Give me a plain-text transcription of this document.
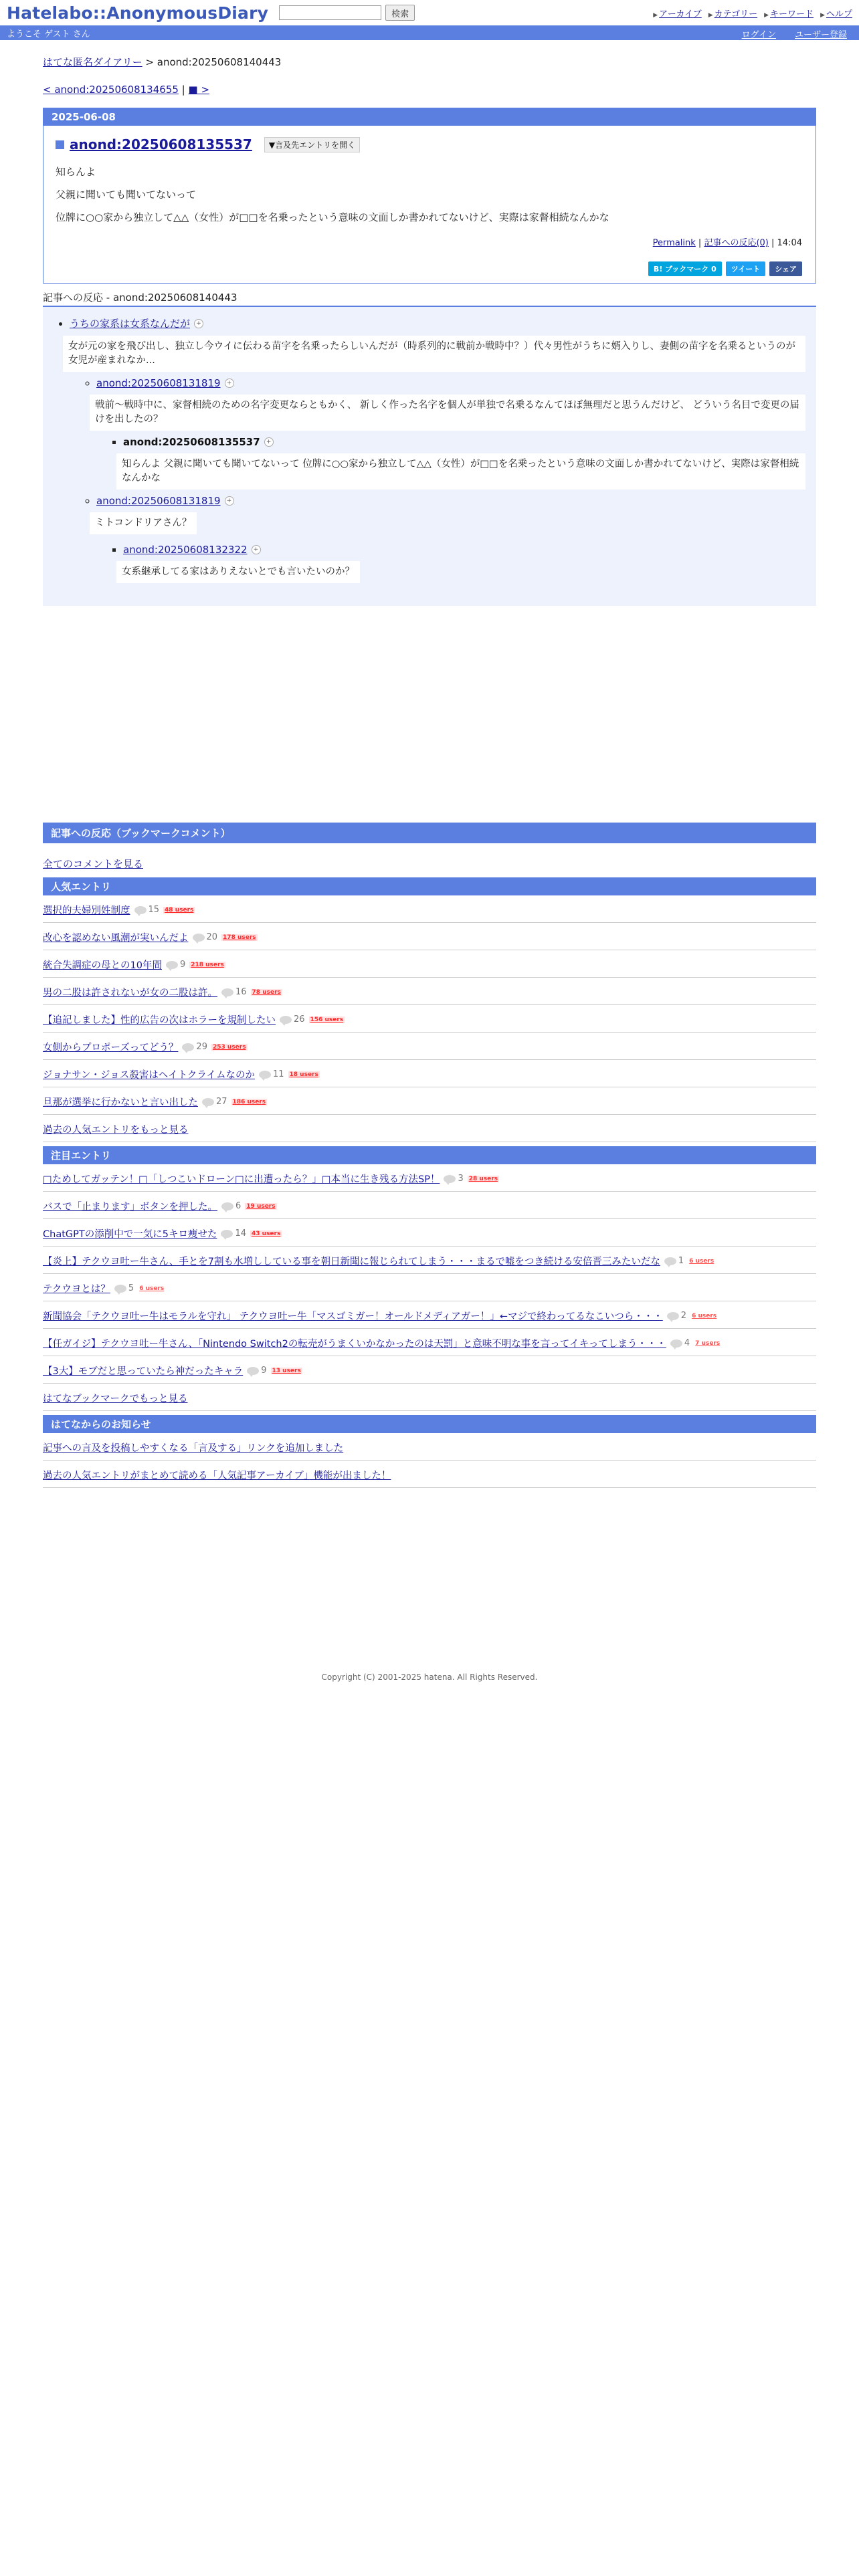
Hatelabo::AnonymousDiary	検索	▶ アーカイブ	▶ カテゴリー	▶ キーワード	▶ ヘルプ
ようこそ ゲスト さん	ログイン ユーザー登録
はてな匿名ダイアリー > anond:20250608140443
< anond:20250608134655 | ■ >
2025-06-08
anond:20250608135537	▼言及先エントリを開く

知らんよ

父親に聞いても聞いてないって

位牌に○○家から独立して△△（女性）が□□を名乗ったという意味の文面しか書かれてないけど、実際は家督相続なんかな

Permalink | 記事への反応(0) | 14:04
B! ブックマーク 0	ツイート	シェア
記事への反応 - anond:20250608140443
• うちの家系は女系なんだが	+
女が元の家を飛び出し、独立し今ウイに伝わる苗字を名乗ったらしいんだが（時系列的に戦前か戦時中？）代々男性がうちに婿入りし、妻側の苗字を名乗るというのが女児が産まれなか...
◦ anond:20250608131819	+
戦前〜戦時中に、家督相続のための名字変更ならともかく、 新しく作った名字を個人が単独で名乗るなんてほぼ無理だと思うんだけど、 どういう名目で変更の届けを出したの？
▪ anond:20250608135537	+
知らんよ 父親に聞いても聞いてないって 位牌に○○家から独立して△△（女性）が□□を名乗ったという意味の文面しか書かれてないけど、実際は家督相続なんかな
◦ anond:20250608131819	+
ミトコンドリアさん？
▪ anond:20250608132322	+
女系継承してる家はありえないとでも言いたいのか？
記事への反応（ブックマークコメント）
全てのコメントを見る
人気エントリ
選択的夫婦別姓制度 15 48 users
改心を認めない風潮が実いんだよ 20 178 users
統合失調症の母との10年間 9 218 users
男の二股は許されないが女の二股は許。 16 78 users
【追記しました】性的広告の次はホラーを規制したい 26 156 users
女側からプロポーズってどう？ 29 253 users
ジョナサン・ジョス殺害はヘイトクライムなのか 11 18 users
旦那が選挙に行かないと言い出した 27 186 users
過去の人気エントリをもっと見る
注目エントリ
□ためしてガッテン！□「しつこいドローン□に出遭ったら？」□本当に生き残る方法SP！ 3 28 users
バスで「止まります」ボタンを押した。 6 19 users
ChatGPTの添削中で一気に5キロ痩せた 14 43 users
【炎上】テクウヨ吐ー牛さん、手とを7割も水増ししている事を朝日新聞に報じられてしまう・・・まるで嘘をつき続ける安倍晋三みたいだな 1 6 users
テクウヨとは？ 5 6 users
新聞協会「テクウヨ吐ー牛はモラルを守れ」 テクウヨ吐ー牛「マスゴミガー！オールドメディアガー！」←マジで終わってるなこいつら・・・ 2 6 users
【任ガイジ】テクウヨ吐ー牛さん、「Nintendo Switch2の転売がうまくいかなかったのは天罰」と意味不明な事を言ってイキってしまう・・・ 4 7 users
【3大】モブだと思っていたら神だったキャラ 9 13 users
はてなブックマークでもっと見る
はてなからのお知らせ
記事への言及を投稿しやすくなる「言及する」リンクを追加しました
過去の人気エントリがまとめて読める「人気記事アーカイブ」機能が出ました！
Copyright (C) 2001-2025 hatena. All Rights Reserved.
